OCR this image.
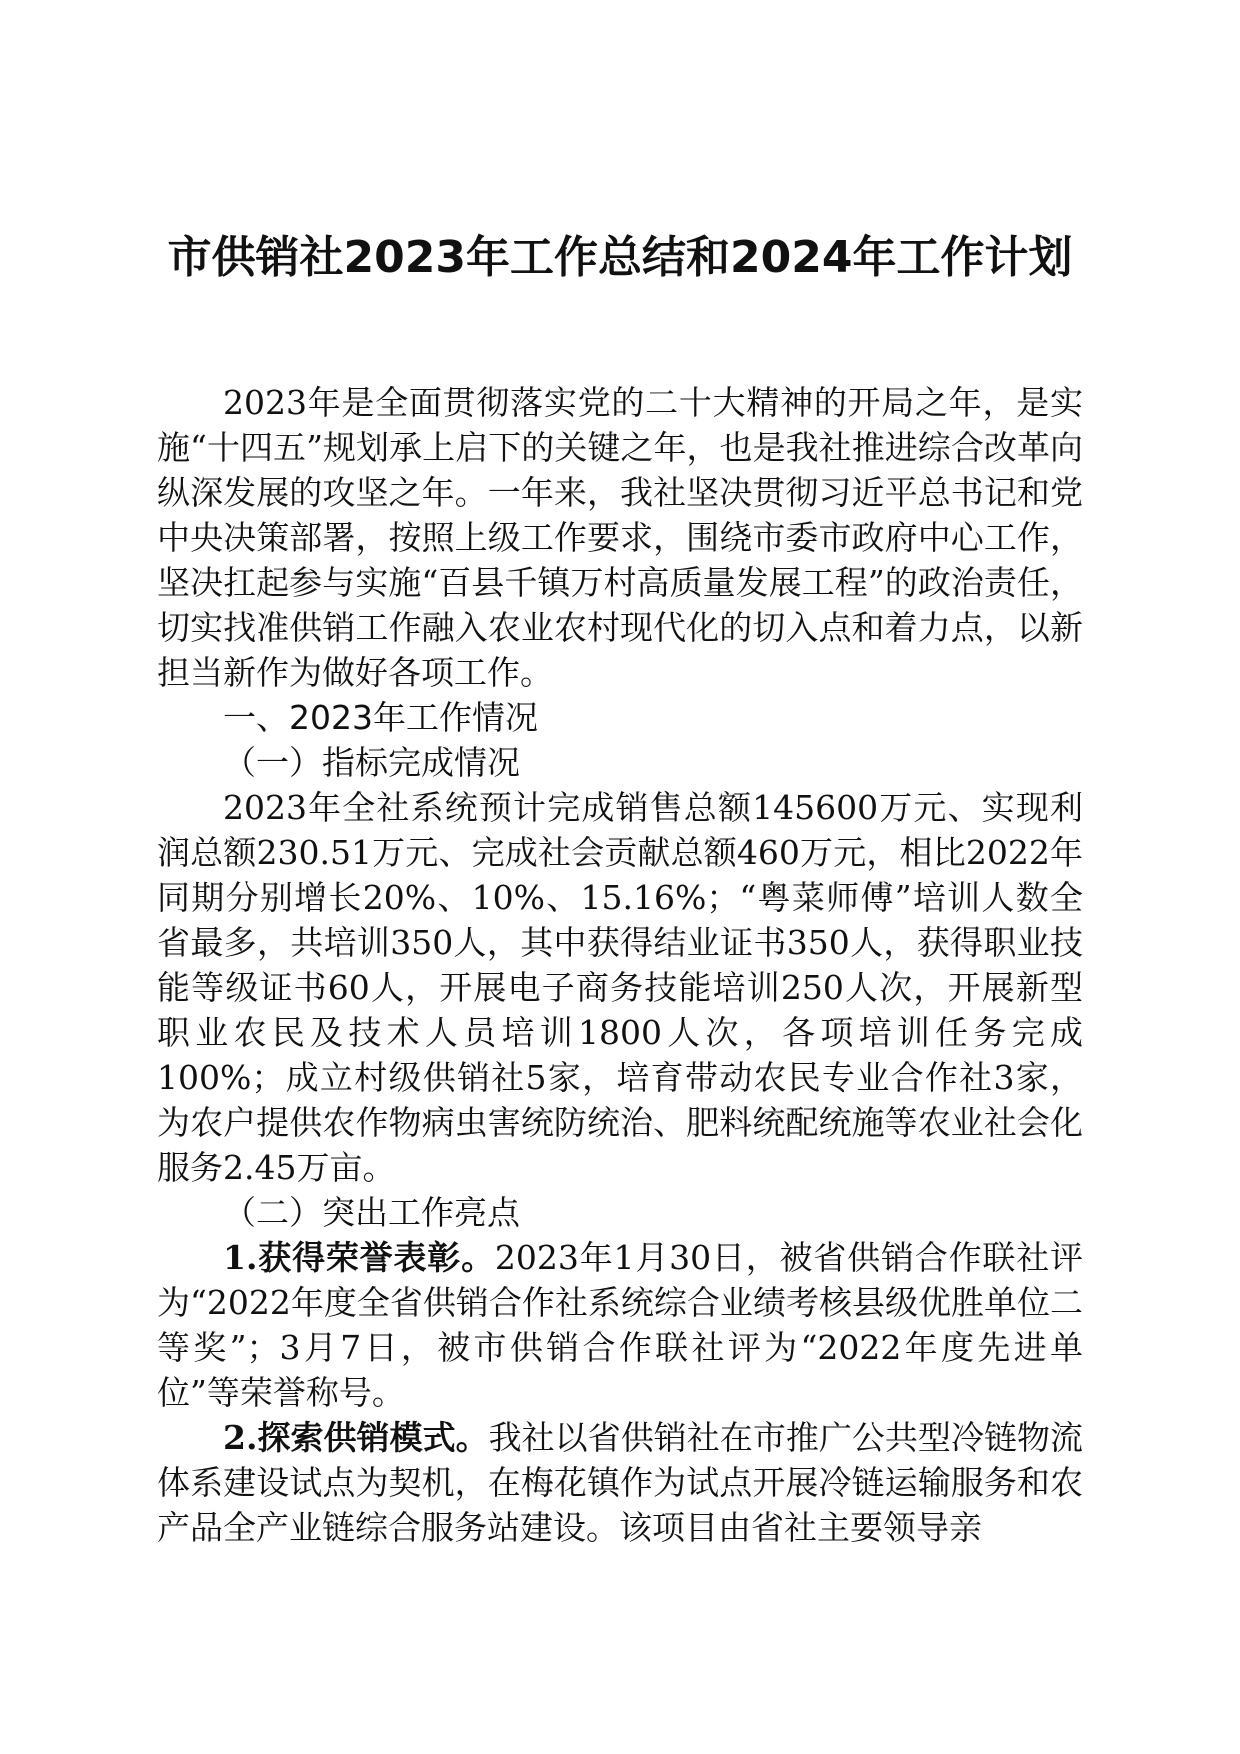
市供销社2023年工作总结和2024年工作计划

2023年是全面贯彻落实党的二十大精神的开局之年，是实施“十四五”规划承上启下的关键之年，也是我社推进综合改革向纵深发展的攻坚之年。一年来，我社坚决贯彻习近平总书记和党中央决策部署，按照上级工作要求，围绕市委市政府中心工作，坚决扛起参与实施“百县千镇万村高质量发展工程”的政治责任，切实找准供销工作融入农业农村现代化的切入点和着力点，以新担当新作为做好各项工作。

一、2023年工作情况

（一）指标完成情况

2023年全社系统预计完成销售总额145600万元、实现利润总额230.51万元、完成社会贡献总额460万元，相比2022年同期分别增长20%、10%、15.16%；“粤菜师傅”培训人数全省最多，共培训350人，其中获得结业证书350人，获得职业技能等级证书60人，开展电子商务技能培训250人次，开展新型职业农民及技术人员培训1800人次，各项培训任务完成100%；成立村级供销社5家，培育带动农民专业合作社3家，为农户提供农作物病虫害统防统治、肥料统配统施等农业社会化服务2.45万亩。

（二）突出工作亮点

1.获得荣誉表彰。2023年1月30日，被省供销合作联社评为“2022年度全省供销合作社系统综合业绩考核县级优胜单位二等奖”；3月7日，被市供销合作联社评为“2022年度先进单位”等荣誉称号。

2.探索供销模式。我社以省供销社在市推广公共型冷链物流体系建设试点为契机，在梅花镇作为试点开展冷链运输服务和农产品全产业链综合服务站建设。该项目由省社主要领导亲
